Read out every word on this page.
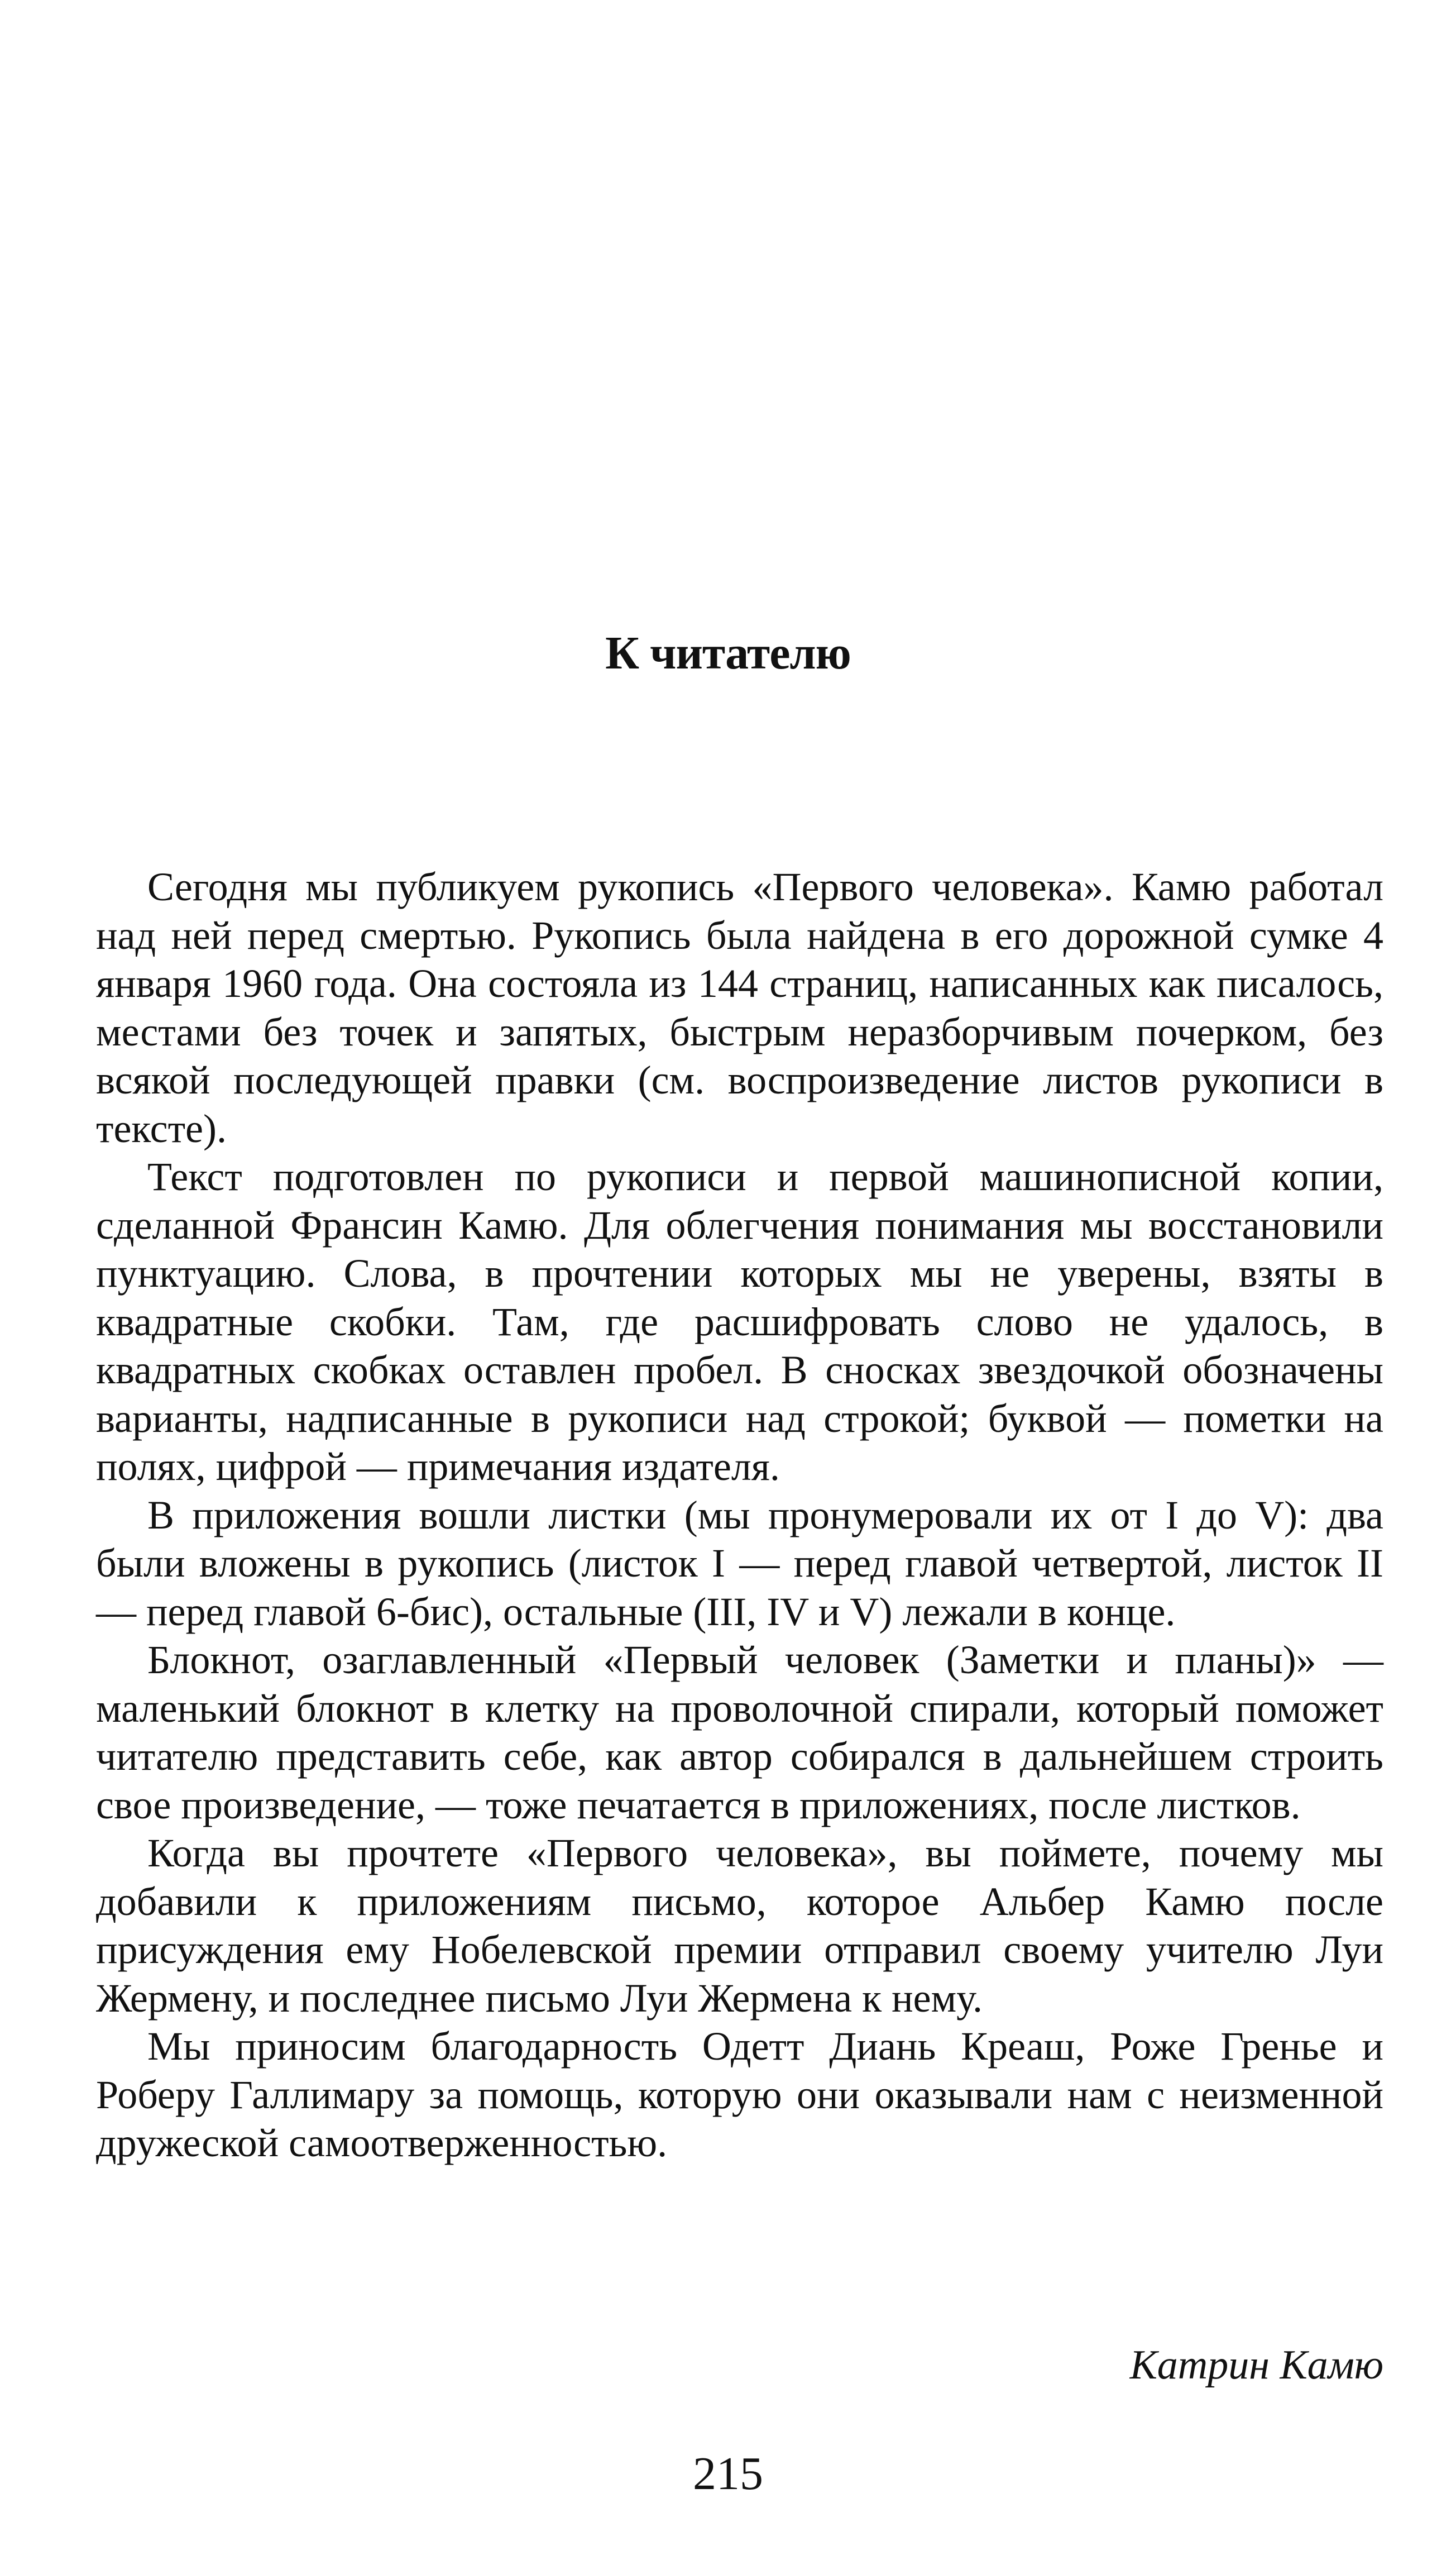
К читателю

Сегодня мы публикуем рукопись «Первого человека». Камю работал над ней перед смертью. Рукопись была найдена в его дорожной сумке 4 января 1960 года. Она состояла из 144 страниц, написанных как писалось, местами без точек и запятых, быстрым неразборчивым почерком, без всякой последующей правки (см. воспроизведение листов рукописи в тексте).

Текст подготовлен по рукописи и первой машинописной копии, сделанной Франсин Камю. Для облегчения понимания мы восстановили пунктуацию. Слова, в прочтении которых мы не уверены, взяты в квадратные скобки. Там, где расшифровать слово не удалось, в квадратных скобках оставлен пробел. В сносках звездочкой обозначены варианты, надписанные в рукописи над строкой; буквой — пометки на полях, цифрой — примечания издателя.

В приложения вошли листки (мы пронумеровали их от I до V): два были вложены в рукопись (листок I — перед главой четвертой, листок II — перед главой 6-бис), остальные (III, IV и V) лежали в конце.

Блокнот, озаглавленный «Первый человек (Заметки и планы)» — маленький блокнот в клетку на проволочной спирали, который поможет читателю представить себе, как автор собирался в дальнейшем строить свое произведение, — тоже печатается в приложениях, после листков.

Когда вы прочтете «Первого человека», вы поймете, почему мы добавили к приложениям письмо, которое Альбер Камю после присуждения ему Нобелевской премии отправил своему учителю Луи Жермену, и последнее письмо Луи Жермена к нему.

Мы приносим благодарность Одетт Диань Креаш, Роже Греньe и Роберу Галлимару за помощь, которую они оказывали нам с неизменной дружеской самоотверженностью.

Катрин Камю
215
